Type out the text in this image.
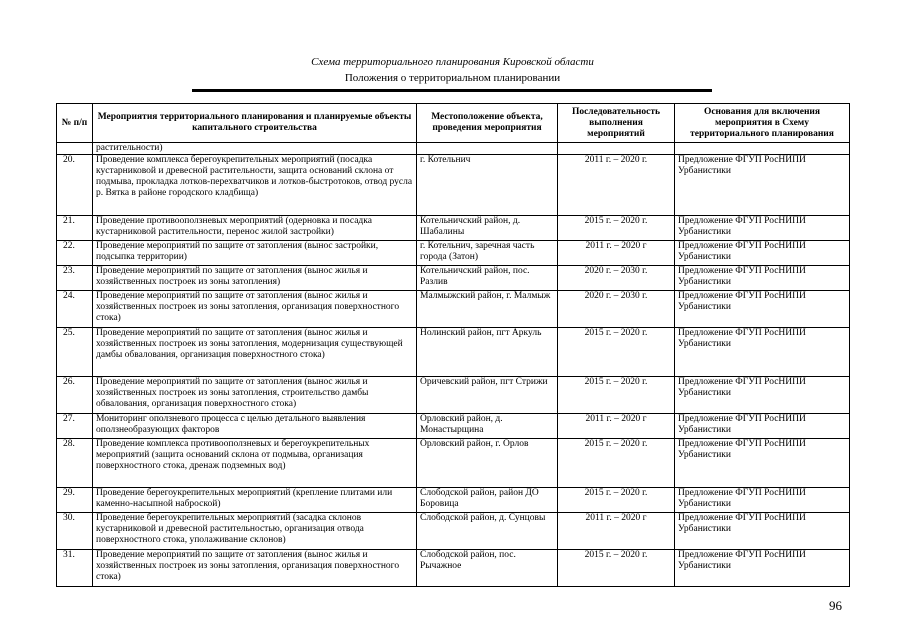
Схема территориального планирования Кировской области
Положения о территориальном планировании
№ п/п	Мероприятия территориального планирования и планируемые объекты капитального строительства	Местоположение объекта, проведения мероприятия	Последовательность выполнения мероприятий	Основания для включения мероприятия в Схему территориального планирования
	растительности)			
20.	Проведение комплекса берегоукрепительных мероприятий (посадка кустарниковой и древесной растительности, защита оснований склона от подмыва, прокладка лотков-перехватчиков и лотков-быстротоков, отвод русла р. Вятка в районе городского кладбища)	г. Котельнич	2011 г. – 2020 г.	Предложение ФГУП РосНИПИ Урбанистики
21.	Проведение противооползневых мероприятий (одерновка и посадка кустарниковой растительности, перенос жилой застройки)	Котельничский район, д. Шабалины	2015 г. – 2020 г.	Предложение ФГУП РосНИПИ Урбанистики
22.	Проведение мероприятий по защите от затопления (вынос застройки, подсыпка территории)	г. Котельнич, заречная часть города (Затон)	2011 г. – 2020 г	Предложение ФГУП РосНИПИ Урбанистики
23.	Проведение мероприятий по защите от затопления (вынос жилья и хозяйственных построек из зоны затопления)	Котельничский район, пос. Разлив	2020 г. – 2030 г.	Предложение ФГУП РосНИПИ Урбанистики
24.	Проведение мероприятий по защите от затопления (вынос жилья и хозяйственных построек из зоны затопления, организация поверхностного стока)	Малмыжский район, г. Малмыж	2020 г. – 2030 г.	Предложение ФГУП РосНИПИ Урбанистики
25.	Проведение мероприятий по защите от затопления (вынос жилья и хозяйственных построек из зоны затопления, модернизация существующей дамбы обвалования, организация поверхностного стока)	Нолинский район, пгт Аркуль	2015 г. – 2020 г.	Предложение ФГУП РосНИПИ Урбанистики
26.	Проведение мероприятий по защите от затопления (вынос жилья и хозяйственных построек из зоны затопления, строительство дамбы обвалования, организация поверхностного стока)	Оричевский район, пгт Стрижи	2015 г. – 2020 г.	Предложение ФГУП РосНИПИ Урбанистики
27.	Мониторинг оползневого процесса с целью детального выявления оползнеобразующих факторов	Орловский район, д. Монастырщина	2011 г. – 2020 г	Предложение ФГУП РосНИПИ Урбанистики
28.	Проведение комплекса противооползневых и берегоукрепительных мероприятий (защита оснований склона от подмыва, организация поверхностного стока, дренаж подземных вод)	Орловский район, г. Орлов	2015 г. – 2020 г.	Предложение ФГУП РосНИПИ Урбанистики
29.	Проведение берегоукрепительных мероприятий (крепление плитами или каменно-насыпной наброской)	Слободской район, район ДО Боровица	2015 г. – 2020 г.	Предложение ФГУП РосНИПИ Урбанистики
30.	Проведение берегоукрепительных мероприятий (засадка склонов кустарниковой и древесной растительностью, организация отвода поверхностного стока, уполаживание склонов)	Слободской район, д. Сунцовы	2011 г. – 2020 г	Предложение ФГУП РосНИПИ Урбанистики
31.	Проведение мероприятий по защите от затопления (вынос жилья и хозяйственных построек из зоны затопления, организация поверхностного стока)	Слободской район, пос. Рычажное	2015 г. – 2020 г.	Предложение ФГУП РосНИПИ Урбанистики
96
